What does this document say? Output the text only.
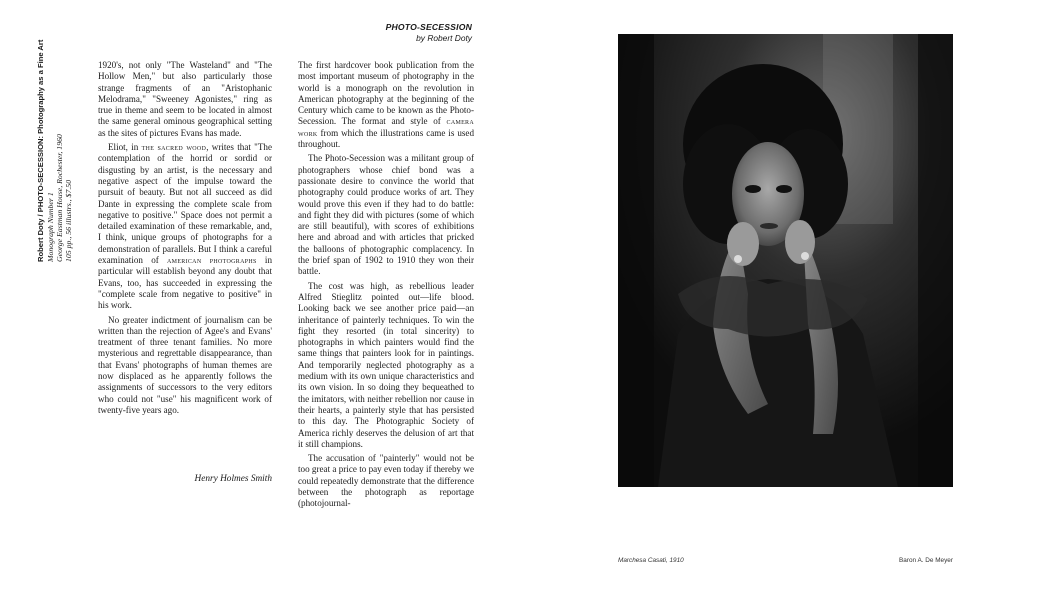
Robert Doty / PHOTO-SECESSION: Photography as a Fine Art Monograph Number 1 George Eastman House, Rochester, 1960 105 pp., 56 illustrs., $7.50
PHOTO-SECESSION
by Robert Doty

1920's, not only "The Wasteland" and "The Hollow Men," but also particularly those strange fragments of an "Aristophanic Melodrama," "Sweeney Agonistes," ring as true in theme and seem to be located in almost the same general ominous geographical setting as the sites of pictures Evans has made.

Eliot, in the sacred wood, writes that "The contemplation of the horrid or sordid or disgusting by an artist, is the necessary and negative aspect of the impulse toward the pursuit of beauty. But not all succeed as did Dante in expressing the complete scale from negative to positive." Space does not permit a detailed examination of these remarkable, and, I think, unique groups of photographs for a demonstration of parallels. But I think a careful examination of american photographs in particular will establish beyond any doubt that Evans, too, has succeeded in expressing the "complete scale from negative to positive" in his work.

No greater indictment of journalism can be written than the rejection of Agee's and Evans' treatment of three tenant families. No more mysterious and regrettable disappearance, than that Evans' photographs of human themes are now displaced as he apparently follows the assignments of successors to the very editors who could not "use" his magnificent work of twenty-five years ago.

Henry Holmes Smith

The first hardcover book publication from the most important museum of photography in the world is a monograph on the revolution in American photography at the beginning of the Century which came to be known as the Photo-Secession. The format and style of camera work from which the illustrations came is used throughout.

The Photo-Secession was a militant group of photographers whose chief bond was a passionate desire to convince the world that photography could produce works of art. They would prove this even if they had to do battle: and fight they did with pictures (some of which are still beautiful), with scores of exhibitions here and abroad and with articles that pricked the balloons of photographic complacency. In the brief span of 1902 to 1910 they won their battle.

The cost was high, as rebellious leader Alfred Stieglitz pointed out—life blood. Looking back we see another price paid—an inheritance of painterly techniques. To win the fight they resorted (in total sincerity) to photographs in which painters would find the same things that painters look for in paintings. And temporarily neglected photography as a medium with its own unique characteristics and its own vision. In so doing they bequeathed to the imitators, with neither rebellion nor cause in their hearts, a painterly style that has persisted to this day. The Photographic Society of America richly deserves the delusion of art that it still champions.

The accusation of "painterly" would not be too great a price to pay even today if thereby we could repeatedly demonstrate that the difference between the photograph as reportage (photojournal-

Marchesa Casati, 1910	Baron A. De Meyer
